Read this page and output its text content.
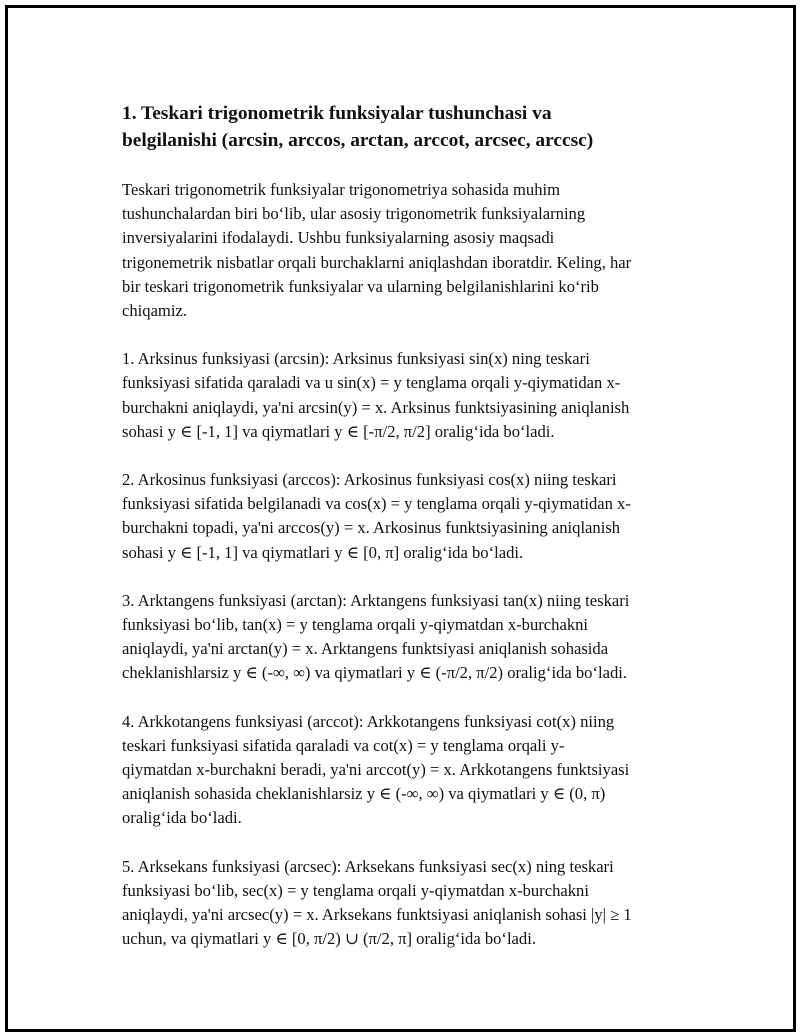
1. Teskari trigonometrik funksiyalar tushunchasi va
belgilanishi (arcsin, arccos, arctan, arccot, arcsec, arccsc)

Teskari trigonometrik funksiyalar trigonometriya sohasida muhim
tushunchalardan biri bo‘lib, ular asosiy trigonometrik funksiyalarning
inversiyalarini ifodalaydi. Ushbu funksiyalarning asosiy maqsadi
trigonemetrik nisbatlar orqali burchaklarni aniqlashdan iboratdir. Keling, har
bir teskari trigonometrik funksiyalar va ularning belgilanishlarini ko‘rib
chiqamiz.

1. Arksinus funksiyasi (arcsin): Arksinus funksiyasi sin(x) ning teskari
funksiyasi sifatida qaraladi va u sin(x) = y tenglama orqali y-qiymatidan x-
burchakni aniqlaydi, ya'ni arcsin(y) = x. Arksinus funktsiyasining aniqlanish
sohasi y ∈ [-1, 1] va qiymatlari y ∈ [-π/2, π/2] oralig‘ida bo‘ladi.

2. Arkosinus funksiyasi (arccos): Arkosinus funksiyasi cos(x) niing teskari
funksiyasi sifatida belgilanadi va cos(x) = y tenglama orqali y-qiymatidan x-
burchakni topadi, ya'ni arccos(y) = x. Arkosinus funktsiyasining aniqlanish
sohasi y ∈ [-1, 1] va qiymatlari y ∈ [0, π] oralig‘ida bo‘ladi.

3. Arktangens funksiyasi (arctan): Arktangens funksiyasi tan(x) niing teskari
funksiyasi bo‘lib, tan(x) = y tenglama orqali y-qiymatdan x-burchakni
aniqlaydi, ya'ni arctan(y) = x. Arktangens funktsiyasi aniqlanish sohasida
cheklanishlarsiz y ∈ (-∞, ∞) va qiymatlari y ∈ (-π/2, π/2) oralig‘ida bo‘ladi.

4. Arkkotangens funksiyasi (arccot): Arkkotangens funksiyasi cot(x) niing
teskari funksiyasi sifatida qaraladi va cot(x) = y tenglama orqali y-
qiymatdan x-burchakni beradi, ya'ni arccot(y) = x. Arkkotangens funktsiyasi
aniqlanish sohasida cheklanishlarsiz y ∈ (-∞, ∞) va qiymatlari y ∈ (0, π)
oralig‘ida bo‘ladi.

5. Arksekans funksiyasi (arcsec): Arksekans funksiyasi sec(x) ning teskari
funksiyasi bo‘lib, sec(x) = y tenglama orqali y-qiymatdan x-burchakni
aniqlaydi, ya'ni arcsec(y) = x. Arksekans funktsiyasi aniqlanish sohasi |y| ≥ 1
uchun, va qiymatlari y ∈ [0, π/2) ∪ (π/2, π] oralig‘ida bo‘ladi.
